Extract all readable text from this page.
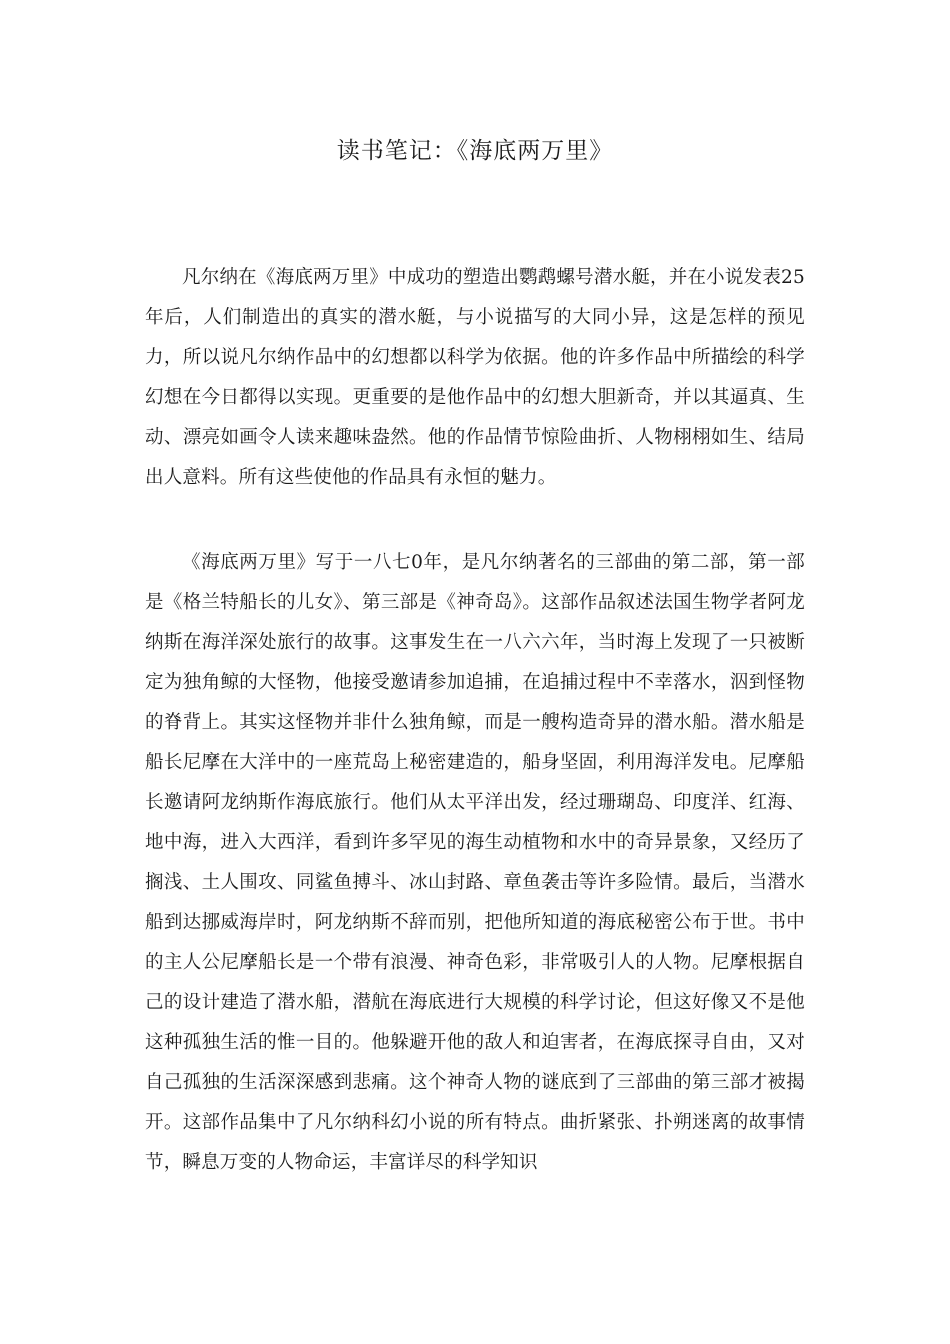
读书笔记：《海底两万里》

凡尔纳在《海底两万里》中成功的塑造出鹦鹉螺号潜水艇，并在小说发表25年后，人们制造出的真实的潜水艇，与小说描写的大同小异，这是怎样的预见力，所以说凡尔纳作品中的幻想都以科学为依据。他的许多作品中所描绘的科学幻想在今日都得以实现。更重要的是他作品中的幻想大胆新奇，并以其逼真、生动、漂亮如画令人读来趣味盎然。他的作品情节惊险曲折、人物栩栩如生、结局出人意料。所有这些使他的作品具有永恒的魅力。

《海底两万里》写于一八七0年，是凡尔纳著名的三部曲的第二部，第一部是《格兰特船长的儿女》、第三部是《神奇岛》。这部作品叙述法国生物学者阿龙纳斯在海洋深处旅行的故事。这事发生在一八六六年，当时海上发现了一只被断定为独角鲸的大怪物，他接受邀请参加追捕，在追捕过程中不幸落水，泅到怪物的脊背上。其实这怪物并非什么独角鲸，而是一艘构造奇异的潜水船。潜水船是船长尼摩在大洋中的一座荒岛上秘密建造的，船身坚固，利用海洋发电。尼摩船长邀请阿龙纳斯作海底旅行。他们从太平洋出发，经过珊瑚岛、印度洋、红海、地中海，进入大西洋，看到许多罕见的海生动植物和水中的奇异景象，又经历了搁浅、土人围攻、同鲨鱼搏斗、冰山封路、章鱼袭击等许多险情。最后，当潜水船到达挪威海岸时，阿龙纳斯不辞而别，把他所知道的海底秘密公布于世。书中的主人公尼摩船长是一个带有浪漫、神奇色彩，非常吸引人的人物。尼摩根据自己的设计建造了潜水船，潜航在海底进行大规模的科学讨论，但这好像又不是他这种孤独生活的惟一目的。他躲避开他的敌人和迫害者，在海底探寻自由，又对自己孤独的生活深深感到悲痛。这个神奇人物的谜底到了三部曲的第三部才被揭开。这部作品集中了凡尔纳科幻小说的所有特点。曲折紧张、扑朔迷离的故事情节，瞬息万变的人物命运，丰富详尽的科学知识
